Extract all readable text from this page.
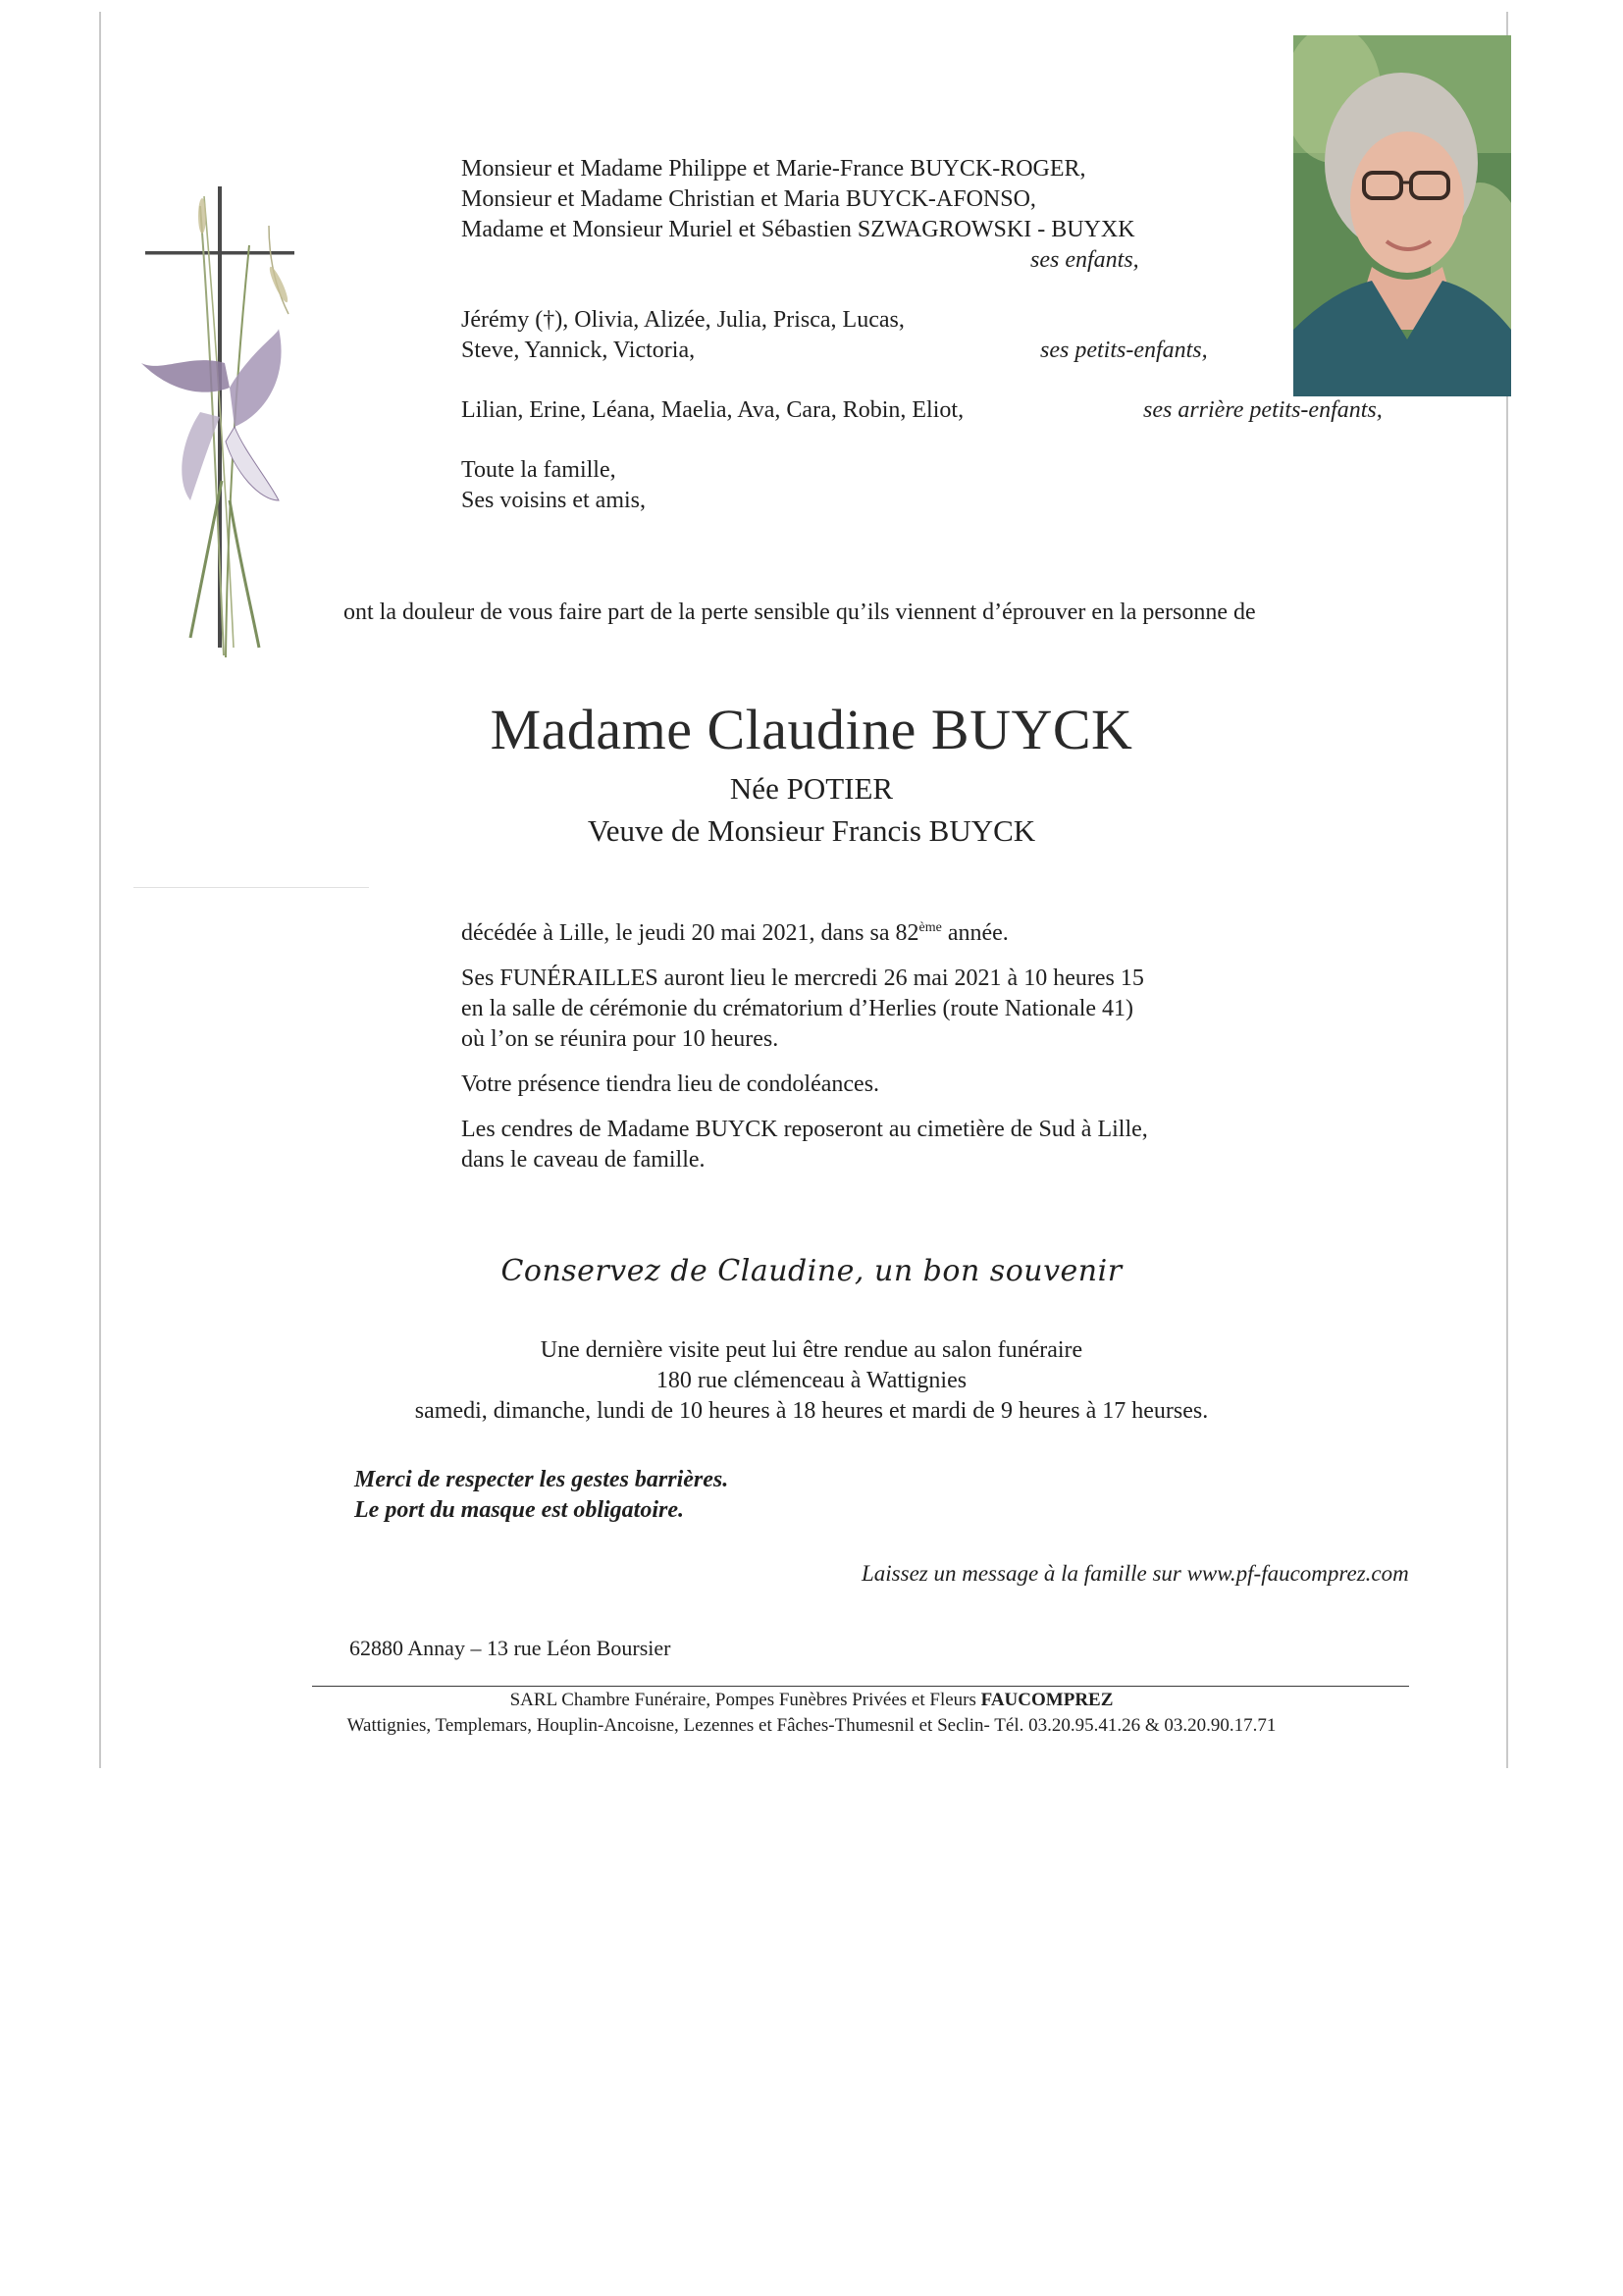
Monsieur et Madame Philippe et Marie-France BUYCK-ROGER,
Monsieur et Madame Christian et Maria BUYCK-AFONSO,
Madame et Monsieur Muriel et Sébastien SZWAGROWSKI - BUYXK
ses enfants,
Jérémy (†), Olivia, Alizée, Julia, Prisca, Lucas,
Steve, Yannick, Victoria,	ses petits-enfants,
Lilian, Erine, Léana, Maelia, Ava, Cara, Robin, Eliot,	ses arrière petits-enfants,
Toute la famille,
Ses voisins et amis,
ont la douleur de vous faire part de la perte sensible qu’ils viennent d’éprouver en la personne de
Madame Claudine BUYCK
Née POTIER
Veuve de Monsieur Francis BUYCK

décédée à Lille, le jeudi 20 mai 2021, dans sa 82ème année.

Ses FUNÉRAILLES auront lieu le mercredi 26 mai 2021 à 10 heures 15
en la salle de cérémonie du crématorium d’Herlies (route Nationale 41)
où l’on se réunira pour 10 heures.

Votre présence tiendra lieu de condoléances.

Les cendres de Madame BUYCK reposeront au cimetière de Sud à Lille,
dans le caveau de famille.

Conservez de Claudine, un bon souvenir
Une dernière visite peut lui être rendue au salon funéraire
180 rue clémenceau à Wattignies
samedi, dimanche, lundi de 10 heures à 18 heures et mardi de 9 heures à 17 heurses.
Merci de respecter les gestes barrières.
Le port du masque est obligatoire.
Laissez un message à la famille sur www.pf-faucomprez.com
62880 Annay – 13 rue Léon Boursier
SARL Chambre Funéraire, Pompes Funèbres Privées et Fleurs FAUCOMPREZ
Wattignies, Templemars, Houplin-Ancoisne, Lezennes et Fâches-Thumesnil et Seclin- Tél. 03.20.95.41.26 & 03.20.90.17.71
